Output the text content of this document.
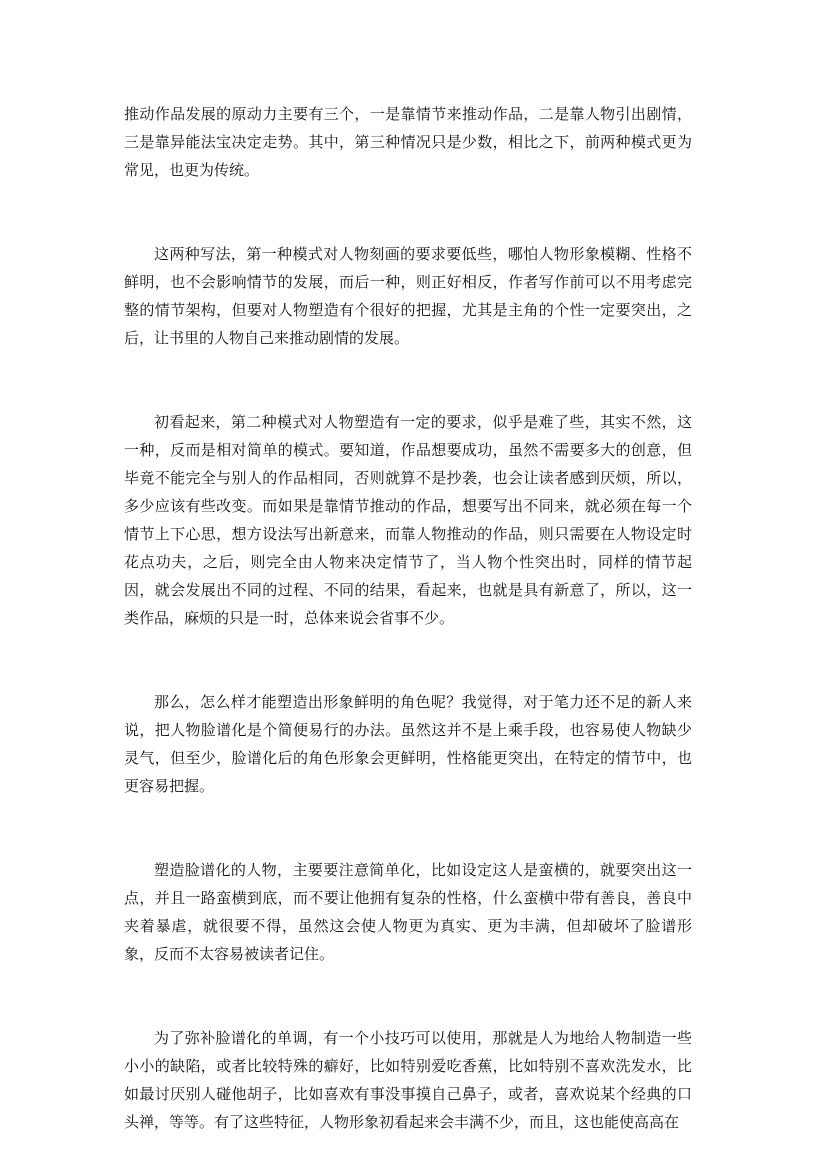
推动作品发展的原动力主要有三个，一是靠情节来推动作品，二是靠人物引出剧情，三是靠异能法宝决定走势。其中，第三种情况只是少数，相比之下，前两种模式更为常见，也更为传统。

这两种写法，第一种模式对人物刻画的要求要低些，哪怕人物形象模糊、性格不鲜明，也不会影响情节的发展，而后一种，则正好相反，作者写作前可以不用考虑完整的情节架构，但要对人物塑造有个很好的把握，尤其是主角的个性一定要突出，之后，让书里的人物自己来推动剧情的发展。

初看起来，第二种模式对人物塑造有一定的要求，似乎是难了些，其实不然，这一种，反而是相对简单的模式。要知道，作品想要成功，虽然不需要多大的创意，但毕竟不能完全与别人的作品相同，否则就算不是抄袭，也会让读者感到厌烦，所以，多少应该有些改变。而如果是靠情节推动的作品，想要写出不同来，就必须在每一个情节上下心思，想方设法写出新意来，而靠人物推动的作品，则只需要在人物设定时花点功夫，之后，则完全由人物来决定情节了，当人物个性突出时，同样的情节起因，就会发展出不同的过程、不同的结果，看起来，也就是具有新意了，所以，这一类作品，麻烦的只是一时，总体来说会省事不少。

那么，怎么样才能塑造出形象鲜明的角色呢？我觉得，对于笔力还不足的新人来说，把人物脸谱化是个简便易行的办法。虽然这并不是上乘手段，也容易使人物缺少灵气，但至少，脸谱化后的角色形象会更鲜明，性格能更突出，在特定的情节中，也更容易把握。

塑造脸谱化的人物，主要要注意简单化，比如设定这人是蛮横的，就要突出这一点，并且一路蛮横到底，而不要让他拥有复杂的性格，什么蛮横中带有善良，善良中夹着暴虐，就很要不得，虽然这会使人物更为真实、更为丰满，但却破坏了脸谱形象，反而不太容易被读者记住。

为了弥补脸谱化的单调，有一个小技巧可以使用，那就是人为地给人物制造一些小小的缺陷，或者比较特殊的癖好，比如特别爱吃香蕉，比如特别不喜欢洗发水，比如最讨厌别人碰他胡子，比如喜欢有事没事摸自己鼻子，或者，喜欢说某个经典的口头禅，等等。有了这些特征，人物形象初看起来会丰满不少，而且，这也能使高高在
